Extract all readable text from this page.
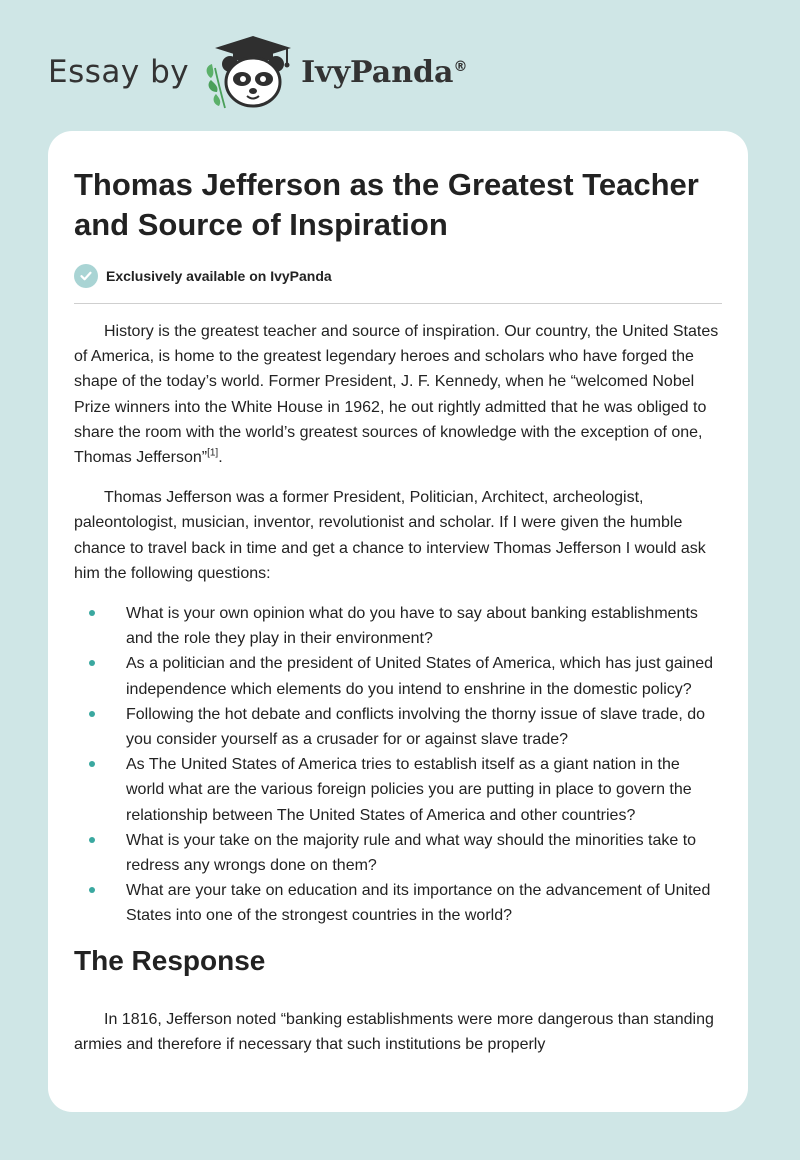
Essay by	IvyPanda®
Thomas Jefferson as the Greatest Teacher and Source of Inspiration
Exclusively available on IvyPanda

History is the greatest teacher and source of inspiration. Our country, the United States of America, is home to the greatest legendary heroes and scholars who have forged the shape of the today’s world. Former President, J. F. Kennedy, when he “welcomed Nobel Prize winners into the White House in 1962, he out rightly admitted that he was obliged to share the room with the world’s greatest sources of knowledge with the exception of one, Thomas Jefferson”[1].

Thomas Jefferson was a former President, Politician, Architect, archeologist, paleontologist, musician, inventor, revolutionist and scholar. If I were given the humble chance to travel back in time and get a chance to interview Thomas Jefferson I would ask him the following questions:

What is your own opinion what do you have to say about banking establishments and the role they play in their environment?
As a politician and the president of United States of America, which has just gained independence which elements do you intend to enshrine in the domestic policy?
Following the hot debate and conflicts involving the thorny issue of slave trade, do you consider yourself as a crusader for or against slave trade?
As The United States of America tries to establish itself as a giant nation in the world what are the various foreign policies you are putting in place to govern the relationship between The United States of America and other countries?
What is your take on the majority rule and what way should the minorities take to redress any wrongs done on them?
What are your take on education and its importance on the advancement of United States into one of the strongest countries in the world?
The Response

In 1816, Jefferson noted “banking establishments were more dangerous than standing armies and therefore if necessary that such institutions be properly
